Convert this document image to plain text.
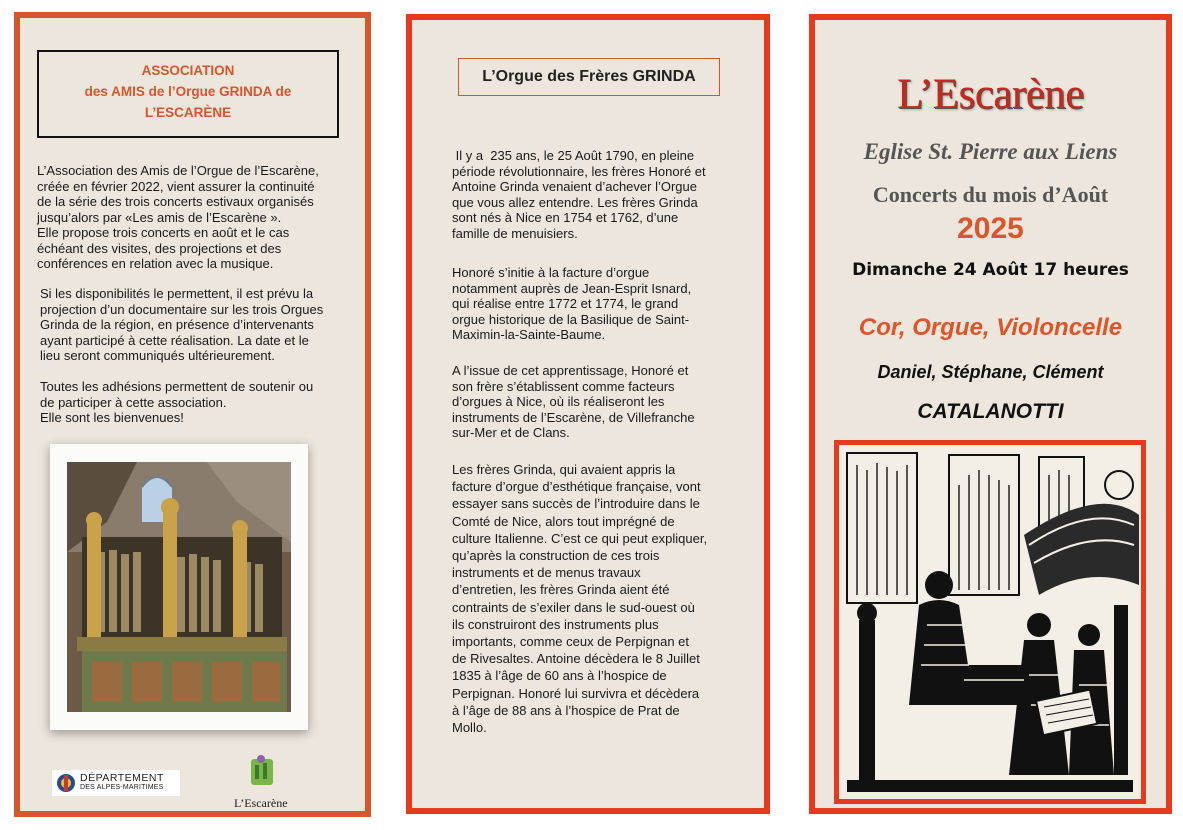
ASSOCIATION
des AMIS de l’Orgue GRINDA de
L’ESCARÈNE
L’Association des Amis de l’Orgue de l’Escarène,
créée en février 2022, vient assurer la continuité
de la série des trois concerts estivaux organisés
jusqu’alors par «Les amis de l’Escarène ».
Elle propose trois concerts en août et le cas
échéant des visites, des projections et des
conférences en relation avec la musique.
Si les disponibilités le permettent, il est prévu la
projection d’un documentaire sur les trois Orgues
Grinda de la région, en présence d’intervenants
ayant participé à cette réalisation. La date et le
lieu seront communiqués ultérieurement.
Toutes les adhésions permettent de soutenir ou
de participer à cette association.
Elle sont les bienvenues!
DÉPARTEMENT
DES ALPES-MARITIMES
L’Escarène
L’Orgue des Frères GRINDA
Il y a  235 ans, le 25 Août 1790, en pleine
période révolutionnaire, les frères Honoré et
Antoine Grinda venaient d’achever l’Orgue
que vous allez entendre. Les frères Grinda
sont nés à Nice en 1754 et 1762, d’une
famille de menuisiers.
Honoré s’initie à la facture d’orgue
notamment auprès de Jean-Esprit Isnard,
qui réalise entre 1772 et 1774, le grand
orgue historique de la Basilique de Saint-
Maximin-la-Sainte-Baume.
A l’issue de cet apprentissage, Honoré et
son frère s’établissent comme facteurs
d’orgues à Nice, où ils réaliseront les
instruments de l’Escarène, de Villefranche
sur-Mer et de Clans.
Les frères Grinda, qui avaient appris la
facture d’orgue d’esthétique française, vont
essayer sans succès de l’introduire dans le
Comté de Nice, alors tout imprégné de
culture Italienne. C’est ce qui peut expliquer,
qu’après la construction de ces trois
instruments et de menus travaux
d’entretien, les frères Grinda aient été
contraints de s’exiler dans le sud-ouest où
ils construiront des instruments plus
importants, comme ceux de Perpignan et
de Rivesaltes. Antoine décèdera le 8 Juillet
1835 à l’âge de 60 ans à l’hospice de
Perpignan. Honoré lui survivra et décèdera
à l’âge de 88 ans à l’hospice de Prat de
Mollo.
L’Escarène
Eglise St. Pierre aux Liens
Concerts du mois d’Août
2025
Dimanche 24 Août 17 heures
Cor, Orgue, Violoncelle
Daniel, Stéphane, Clément
CATALANOTTI
